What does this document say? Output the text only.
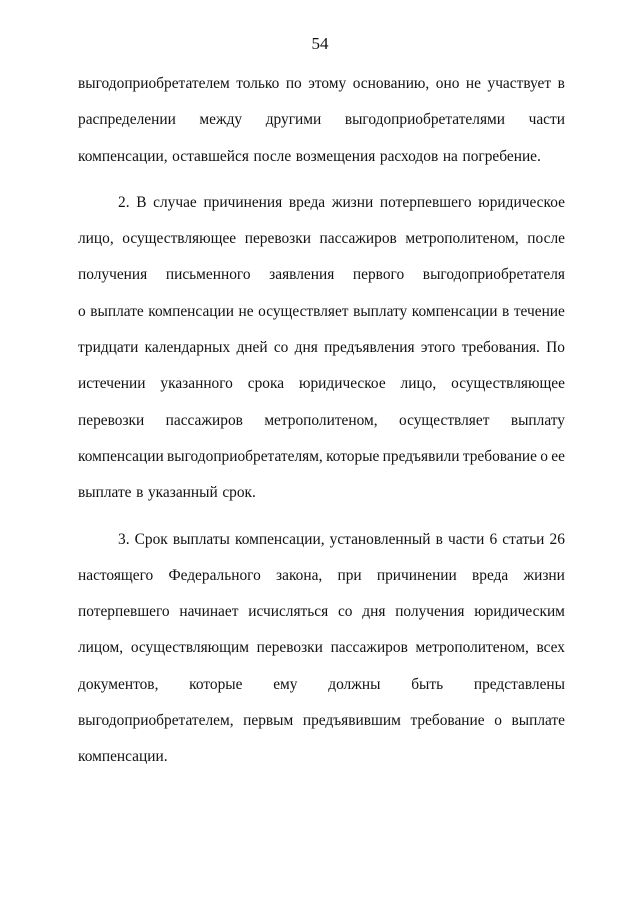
54
выгодоприобретателем только по этому основанию, оно не участвует в
распределении между другими выгодоприобретателями части
компенсации, оставшейся после возмещения расходов на погребение.
2. В случае причинения вреда жизни потерпевшего юридическое
лицо, осуществляющее перевозки пассажиров метрополитеном, после
получения письменного заявления первого выгодоприобретателя
о выплате компенсации не осуществляет выплату компенсации в течение
тридцати календарных дней со дня предъявления этого требования. По
истечении указанного срока юридическое лицо, осуществляющее
перевозки пассажиров метрополитеном, осуществляет выплату
компенсации выгодоприобретателям, которые предъявили требование о ее
выплате в указанный срок.
3. Срок выплаты компенсации, установленный в части 6 статьи 26
настоящего Федерального закона, при причинении вреда жизни
потерпевшего начинает исчисляться со дня получения юридическим
лицом, осуществляющим перевозки пассажиров метрополитеном, всех
документов, которые ему должны быть представлены
выгодоприобретателем, первым предъявившим требование о выплате
компенсации.
